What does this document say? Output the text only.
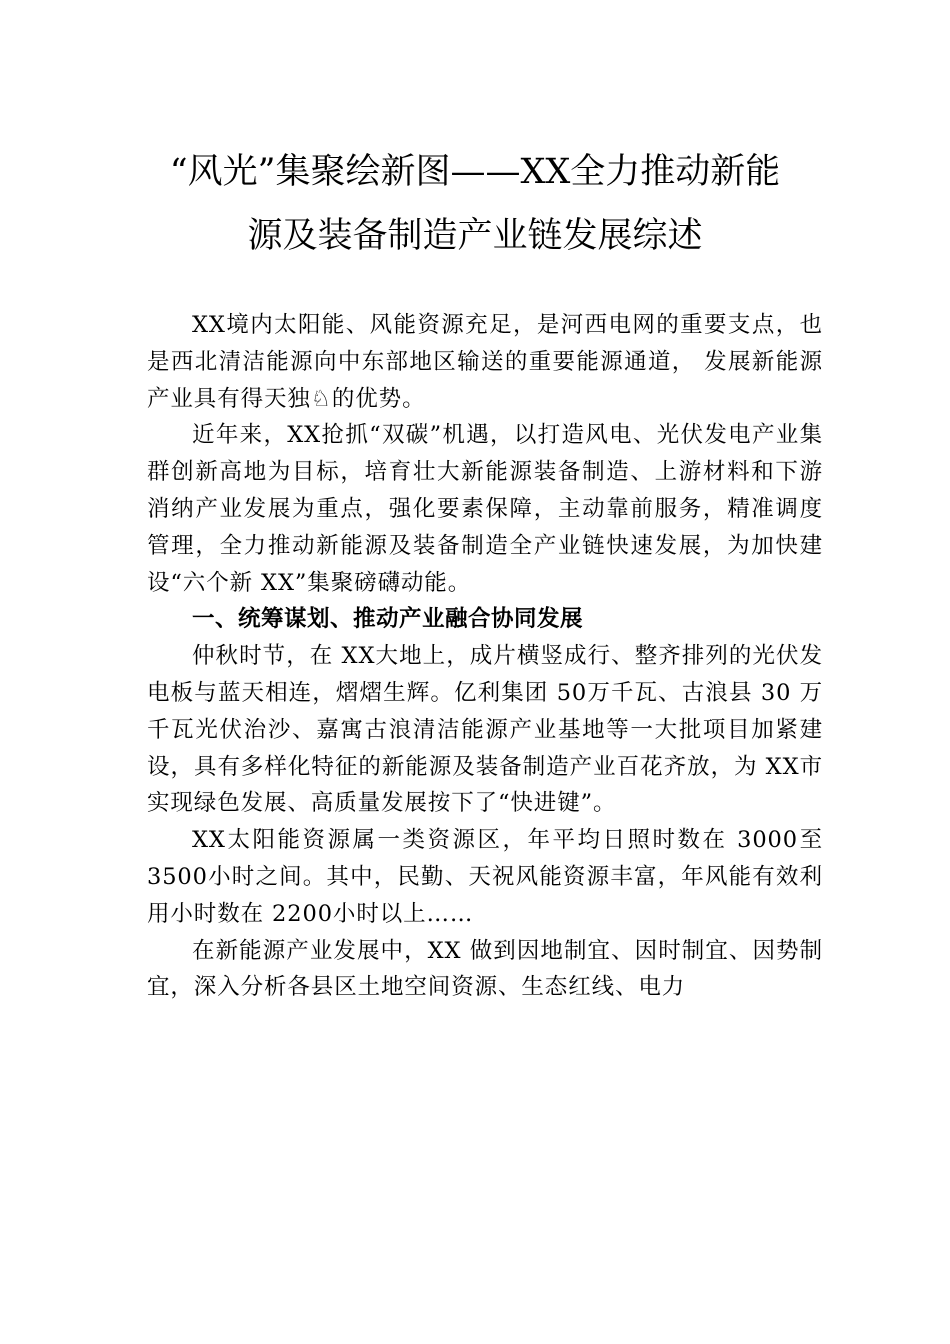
“风光”集聚绘新图——XX全力推动新能
源及装备制造产业链发展综述

XX境内太阳能、风能资源充足，是河西电网的重要支点，也是西北清洁能源向中东部地区输送的重要能源通道， 发展新能源产业具有得天独♘的优势。

近年来，XX抢抓“双碳”机遇，以打造风电、光伏发电产业集群创新高地为目标，培育壮大新能源装备制造、上游材料和下游消纳产业发展为重点，强化要素保障，主动靠前服务，精准调度管理，全力推动新能源及装备制造全产业链快速发展，为加快建设“六个新 XX”集聚磅礴动能。

一、统筹谋划、推动产业融合协同发展

仲秋时节，在 XX大地上，成片横竖成行、整齐排列的光伏发电板与蓝天相连，熠熠生辉。亿利集团 50万千瓦、古浪县 30 万千瓦光伏治沙、嘉寓古浪清洁能源产业基地等一大批项目加紧建设，具有多样化特征的新能源及装备制造产业百花齐放，为 XX市实现绿色发展、高质量发展按下了“快进键”。

XX太阳能资源属一类资源区，年平均日照时数在 3000至 3500小时之间。其中，民勤、天祝风能资源丰富，年风能有效利用小时数在 2200小时以上……

在新能源产业发展中，XX 做到因地制宜、因时制宜、因势制宜，深入分析各县区土地空间资源、生态红线、电力
